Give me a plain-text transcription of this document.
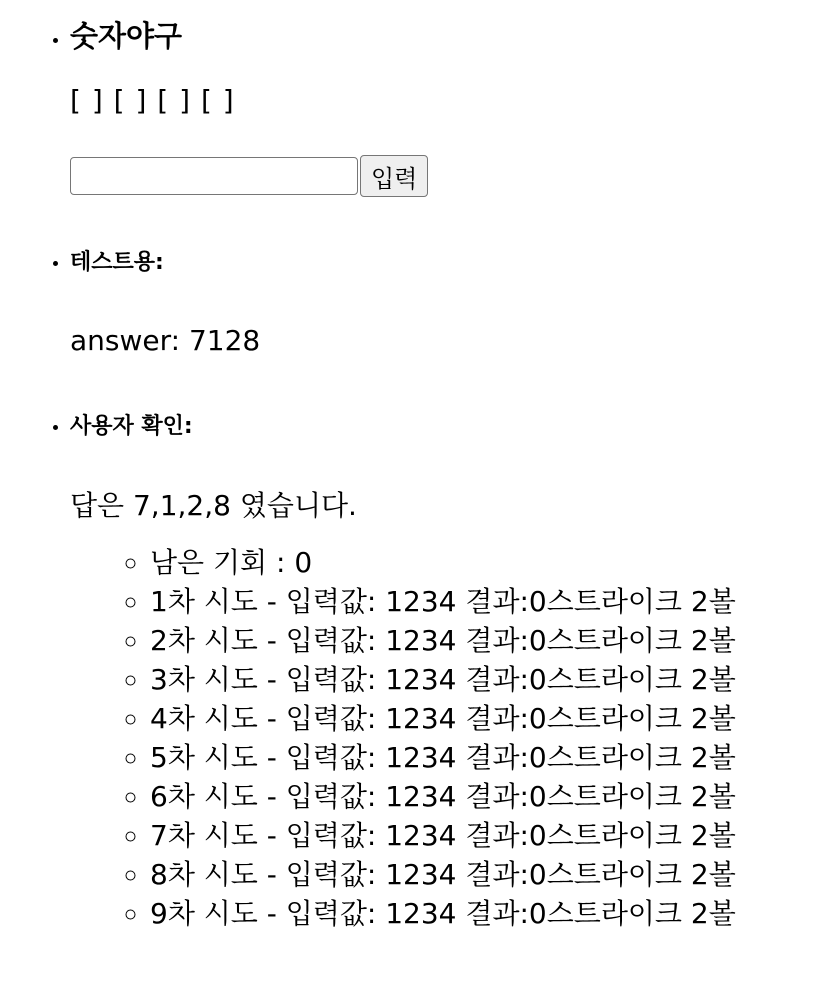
• 숫자야구
[ ] [ ] [ ] [ ]
입력
• 테스트용:
answer: 7128
• 사용자 확인:
답은 7,1,2,8 였습니다.
◦ 남은 기회 : 0
◦ 1차 시도 - 입력값: 1234 결과:0스트라이크 2볼
◦ 2차 시도 - 입력값: 1234 결과:0스트라이크 2볼
◦ 3차 시도 - 입력값: 1234 결과:0스트라이크 2볼
◦ 4차 시도 - 입력값: 1234 결과:0스트라이크 2볼
◦ 5차 시도 - 입력값: 1234 결과:0스트라이크 2볼
◦ 6차 시도 - 입력값: 1234 결과:0스트라이크 2볼
◦ 7차 시도 - 입력값: 1234 결과:0스트라이크 2볼
◦ 8차 시도 - 입력값: 1234 결과:0스트라이크 2볼
◦ 9차 시도 - 입력값: 1234 결과:0스트라이크 2볼
